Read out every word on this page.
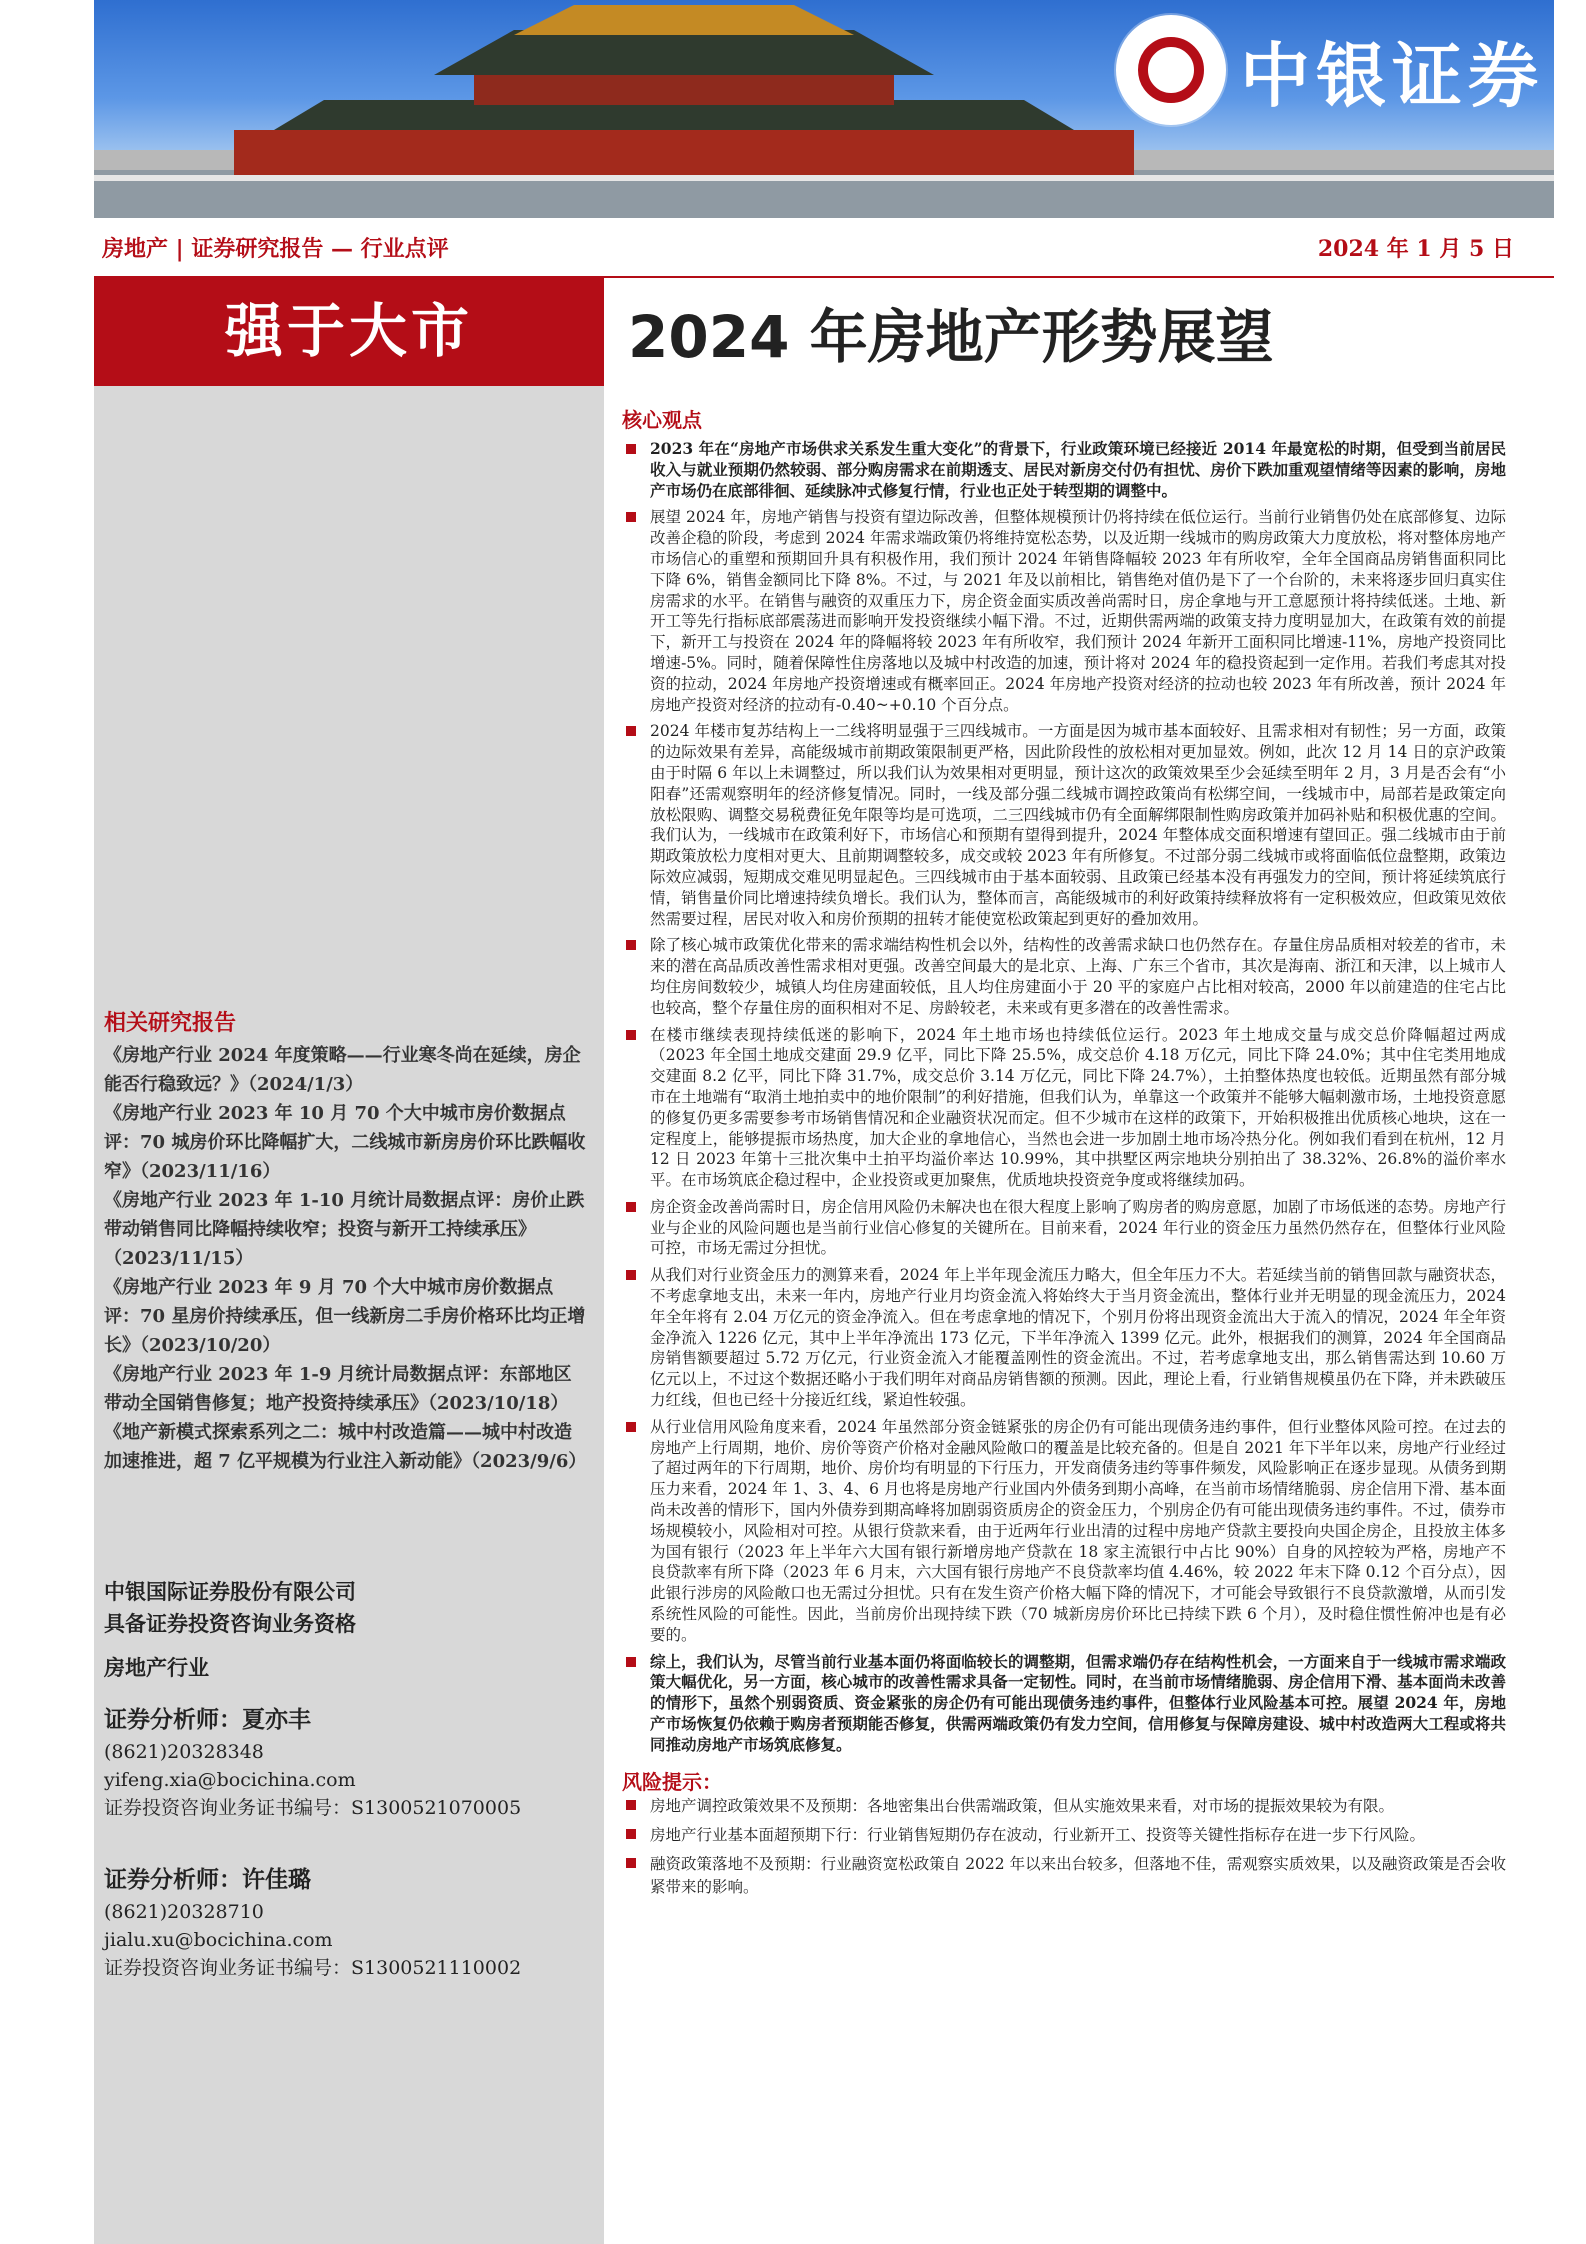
中银证券
房地产 | 证券研究报告 — 行业点评	2024 年 1 月 5 日
强于大市	2024 年房地产形势展望
核心观点
2023 年在“房地产市场供求关系发生重大变化”的背景下，行业政策环境已经接近 2014 年最宽松的时期，但受到当前居民收入与就业预期仍然较弱、部分购房需求在前期透支、居民对新房交付仍有担忧、房价下跌加重观望情绪等因素的影响，房地产市场仍在底部徘徊、延续脉冲式修复行情，行业也正处于转型期的调整中。
展望 2024 年，房地产销售与投资有望边际改善，但整体规模预计仍将持续在低位运行。当前行业销售仍处在底部修复、边际改善企稳的阶段，考虑到 2024 年需求端政策仍将维持宽松态势，以及近期一线城市的购房政策大力度放松，将对整体房地产市场信心的重塑和预期回升具有积极作用，我们预计 2024 年销售降幅较 2023 年有所收窄，全年全国商品房销售面积同比下降 6%，销售金额同比下降 8%。不过，与 2021 年及以前相比，销售绝对值仍是下了一个台阶的，未来将逐步回归真实住房需求的水平。在销售与融资的双重压力下，房企资金面实质改善尚需时日，房企拿地与开工意愿预计将持续低迷。土地、新开工等先行指标底部震荡进而影响开发投资继续小幅下滑。不过，近期供需两端的政策支持力度明显加大，在政策有效的前提下，新开工与投资在 2024 年的降幅将较 2023 年有所收窄，我们预计 2024 年新开工面积同比增速-11%，房地产投资同比增速-5%。同时，随着保障性住房落地以及城中村改造的加速，预计将对 2024 年的稳投资起到一定作用。若我们考虑其对投资的拉动，2024 年房地产投资增速或有概率回正。2024 年房地产投资对经济的拉动也较 2023 年有所改善，预计 2024 年房地产投资对经济的拉动有-0.40~+0.10 个百分点。
2024 年楼市复苏结构上一二线将明显强于三四线城市。一方面是因为城市基本面较好、且需求相对有韧性；另一方面，政策的边际效果有差异，高能级城市前期政策限制更严格，因此阶段性的放松相对更加显效。例如，此次 12 月 14 日的京沪政策由于时隔 6 年以上未调整过，所以我们认为效果相对更明显，预计这次的政策效果至少会延续至明年 2 月，3 月是否会有“小阳春”还需观察明年的经济修复情况。同时，一线及部分强二线城市调控政策尚有松绑空间，一线城市中，局部若是政策定向放松限购、调整交易税费征免年限等均是可选项，二三四线城市仍有全面解绑限制性购房政策并加码补贴和积极优惠的空间。我们认为，一线城市在政策利好下，市场信心和预期有望得到提升，2024 年整体成交面积增速有望回正。强二线城市由于前期政策放松力度相对更大、且前期调整较多，成交或较 2023 年有所修复。不过部分弱二线城市或将面临低位盘整期，政策边际效应减弱，短期成交难见明显起色。三四线城市由于基本面较弱、且政策已经基本没有再强发力的空间，预计将延续筑底行情，销售量价同比增速持续负增长。我们认为，整体而言，高能级城市的利好政策持续释放将有一定积极效应，但政策见效依然需要过程，居民对收入和房价预期的扭转才能使宽松政策起到更好的叠加效用。
除了核心城市政策优化带来的需求端结构性机会以外，结构性的改善需求缺口也仍然存在。存量住房品质相对较差的省市，未来的潜在高品质改善性需求相对更强。改善空间最大的是北京、上海、广东三个省市，其次是海南、浙江和天津，以上城市人均住房间数较少，城镇人均住房建面较低，且人均住房建面小于 20 平的家庭户占比相对较高，2000 年以前建造的住宅占比也较高，整个存量住房的面积相对不足、房龄较老，未来或有更多潜在的改善性需求。
在楼市继续表现持续低迷的影响下，2024 年土地市场也持续低位运行。2023 年土地成交量与成交总价降幅超过两成（2023 年全国土地成交建面 29.9 亿平，同比下降 25.5%，成交总价 4.18 万亿元，同比下降 24.0%；其中住宅类用地成交建面 8.2 亿平，同比下降 31.7%，成交总价 3.14 万亿元，同比下降 24.7%），土拍整体热度也较低。近期虽然有部分城市在土地端有“取消土地拍卖中的地价限制”的利好措施，但我们认为，单靠这一个政策并不能够大幅刺激市场，土地投资意愿的修复仍更多需要参考市场销售情况和企业融资状况而定。但不少城市在这样的政策下，开始积极推出优质核心地块，这在一定程度上，能够提振市场热度，加大企业的拿地信心，当然也会进一步加剧土地市场冷热分化。例如我们看到在杭州，12 月 12 日 2023 年第十三批次集中土拍平均溢价率达 10.99%，其中拱墅区两宗地块分别拍出了 38.32%、26.8%的溢价率水平。在市场筑底企稳过程中，企业投资或更加聚焦，优质地块投资竞争度或将继续加码。
房企资金改善尚需时日，房企信用风险仍未解决也在很大程度上影响了购房者的购房意愿，加剧了市场低迷的态势。房地产行业与企业的风险问题也是当前行业信心修复的关键所在。目前来看，2024 年行业的资金压力虽然仍然存在，但整体行业风险可控，市场无需过分担忧。
从我们对行业资金压力的测算来看，2024 年上半年现金流压力略大，但全年压力不大。若延续当前的销售回款与融资状态，不考虑拿地支出，未来一年内，房地产行业月均资金流入将始终大于当月资金流出，整体行业并无明显的现金流压力，2024 年全年将有 2.04 万亿元的资金净流入。但在考虑拿地的情况下，个别月份将出现资金流出大于流入的情况，2024 年全年资金净流入 1226 亿元，其中上半年净流出 173 亿元，下半年净流入 1399 亿元。此外，根据我们的测算，2024 年全国商品房销售额要超过 5.72 万亿元，行业资金流入才能覆盖刚性的资金流出。不过，若考虑拿地支出，那么销售需达到 10.60 万亿元以上，不过这个数据还略小于我们明年对商品房销售额的预测。因此，理论上看，行业销售规模虽仍在下降，并未跌破压力红线，但也已经十分接近红线，紧迫性较强。
从行业信用风险角度来看，2024 年虽然部分资金链紧张的房企仍有可能出现债务违约事件，但行业整体风险可控。在过去的房地产上行周期，地价、房价等资产价格对金融风险敞口的覆盖是比较充备的。但是自 2021 年下半年以来，房地产行业经过了超过两年的下行周期，地价、房价均有明显的下行压力，开发商债务违约等事件频发，风险影响正在逐步显现。从债务到期压力来看，2024 年 1、3、4、6 月也将是房地产行业国内外债务到期小高峰，在当前市场情绪脆弱、房企信用下滑、基本面尚未改善的情形下，国内外债券到期高峰将加剧弱资质房企的资金压力，个别房企仍有可能出现债务违约事件。不过，债券市场规模较小，风险相对可控。从银行贷款来看，由于近两年行业出清的过程中房地产贷款主要投向央国企房企，且投放主体多为国有银行（2023 年上半年六大国有银行新增房地产贷款在 18 家主流银行中占比 90%）自身的风控较为严格，房地产不良贷款率有所下降（2023 年 6 月末，六大国有银行房地产不良贷款率均值 4.46%，较 2022 年末下降 0.12 个百分点），因此银行涉房的风险敞口也无需过分担忧。只有在发生资产价格大幅下降的情况下，才可能会导致银行不良贷款激增，从而引发系统性风险的可能性。因此，当前房价出现持续下跌（70 城新房房价环比已持续下跌 6 个月），及时稳住惯性俯冲也是有必要的。
综上，我们认为，尽管当前行业基本面仍将面临较长的调整期，但需求端仍存在结构性机会，一方面来自于一线城市需求端政策大幅优化，另一方面，核心城市的改善性需求具备一定韧性。同时，在当前市场情绪脆弱、房企信用下滑、基本面尚未改善的情形下，虽然个别弱资质、资金紧张的房企仍有可能出现债务违约事件，但整体行业风险基本可控。展望 2024 年，房地产市场恢复仍依赖于购房者预期能否修复，供需两端政策仍有发力空间，信用修复与保障房建设、城中村改造两大工程或将共同推动房地产市场筑底修复。
风险提示：
房地产调控政策效果不及预期：各地密集出台供需端政策，但从实施效果来看，对市场的提振效果较为有限。
房地产行业基本面超预期下行：行业销售短期仍存在波动，行业新开工、投资等关键性指标存在进一步下行风险。
融资政策落地不及预期：行业融资宽松政策自 2022 年以来出台较多，但落地不佳，需观察实质效果，以及融资政策是否会收紧带来的影响。
相关研究报告
《房地产行业 2024 年度策略——行业寒冬尚在延续，房企能否行稳致远？》（2024/1/3）
《房地产行业 2023 年 10 月 70 个大中城市房价数据点评：70 城房价环比降幅扩大，二线城市新房房价环比跌幅收窄》（2023/11/16）
《房地产行业 2023 年 1-10 月统计局数据点评：房价止跌带动销售同比降幅持续收窄；投资与新开工持续承压》（2023/11/15）
《房地产行业 2023 年 9 月 70 个大中城市房价数据点评：70 星房价持续承压，但一线新房二手房价格环比均正增长》（2023/10/20）
《房地产行业 2023 年 1-9 月统计局数据点评：东部地区带动全国销售修复；地产投资持续承压》（2023/10/18）
《地产新模式探索系列之二：城中村改造篇——城中村改造加速推进，超 7 亿平规模为行业注入新动能》（2023/9/6）
中银国际证券股份有限公司
具备证券投资咨询业务资格
房地产行业
证券分析师：夏亦丰
(8621)20328348
yifeng.xia@bocichina.com
证券投资咨询业务证书编号：S1300521070005
证券分析师：许佳璐
(8621)20328710
jialu.xu@bocichina.com
证券投资咨询业务证书编号：S1300521110002
